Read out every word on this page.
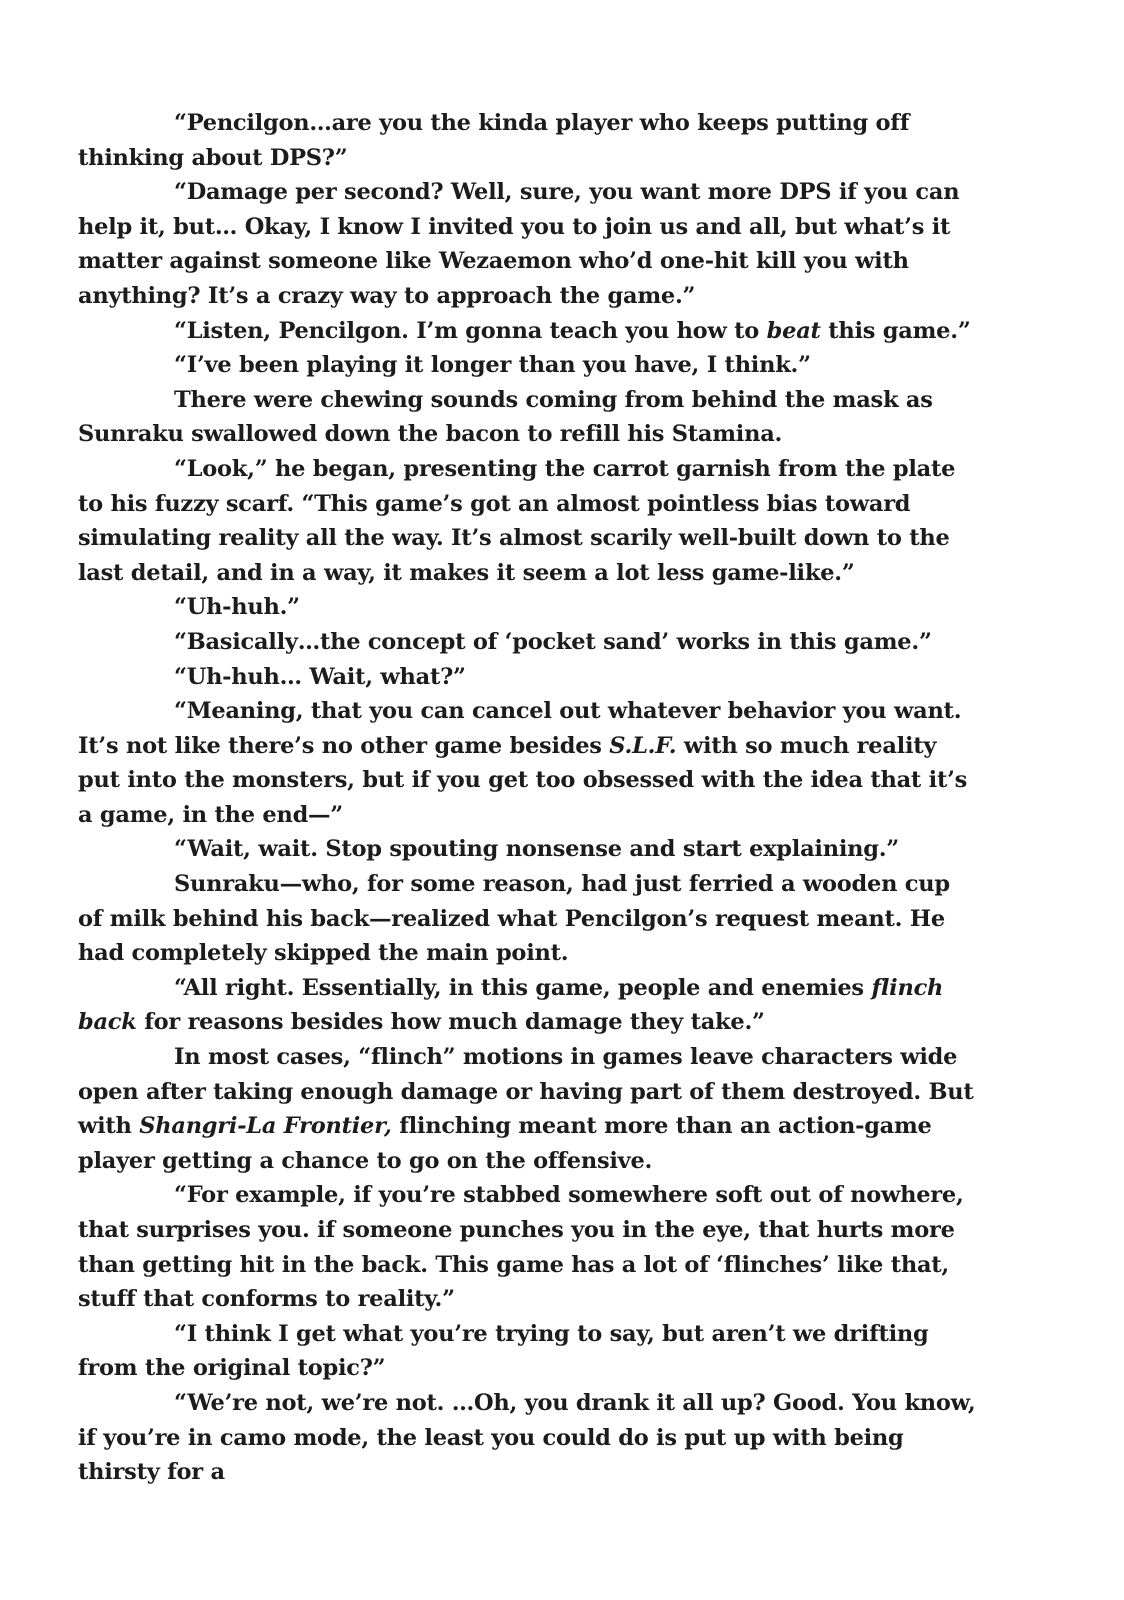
“Pencilgon…are you the kinda player who keeps putting off thinking about DPS?”

“Damage per second? Well, sure, you want more DPS if you can help it, but… Okay, I know I invited you to join us and all, but what’s it matter against someone like Wezaemon who’d one-hit kill you with anything? It’s a crazy way to approach the game.”

“Listen, Pencilgon. I’m gonna teach you how to beat this game.”

“I’ve been playing it longer than you have, I think.”

There were chewing sounds coming from behind the mask as Sunraku swallowed down the bacon to refill his Stamina.

“Look,” he began, presenting the carrot garnish from the plate to his fuzzy scarf. “This game’s got an almost pointless bias toward simulating reality all the way. It’s almost scarily well-built down to the last detail, and in a way, it makes it seem a lot less game-like.”

“Uh-huh.”

“Basically…the concept of ‘pocket sand’ works in this game.”

“Uh-huh… Wait, what?”

“Meaning, that you can cancel out whatever behavior you want. It’s not like there’s no other game besides S.L.F. with so much reality put into the monsters, but if you get too obsessed with the idea that it’s a game, in the end—”

“Wait, wait. Stop spouting nonsense and start explaining.”

Sunraku—who, for some reason, had just ferried a wooden cup of milk behind his back—realized what Pencilgon’s request meant. He had completely skipped the main point.

“All right. Essentially, in this game, people and enemies flinch back for reasons besides how much damage they take.”

In most cases, “flinch” motions in games leave characters wide open after taking enough damage or having part of them destroyed. But with Shangri-La Frontier, flinching meant more than an action-game player getting a chance to go on the offensive.

“For example, if you’re stabbed somewhere soft out of nowhere, that surprises you. if someone punches you in the eye, that hurts more than getting hit in the back. This game has a lot of ‘flinches’ like that, stuff that conforms to reality.”

“I think I get what you’re trying to say, but aren’t we drifting from the original topic?”

“We’re not, we’re not. …Oh, you drank it all up? Good. You know, if you’re in camo mode, the least you could do is put up with being thirsty for a
